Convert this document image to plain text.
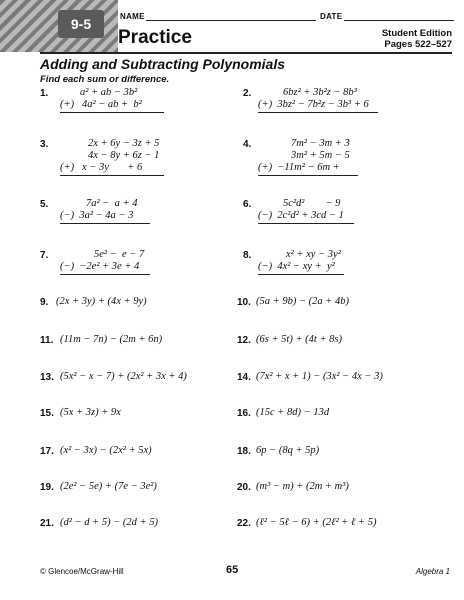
9-5	NAME	DATE
Practice	Student Edition
Pages 522–527
Adding and Subtracting Polynomials
Find each sum or difference.
1.	a² + ab − 3b²
(+)   4a² − ab +  b²
2.	6bz² + 3b²z − 8b³
(+)  3bz² − 7b²z − 3b³ + 6
3.	2x + 6y − 3z + 5
4x − 8y + 6z − 1
(+)   x − 3y       + 6
4.	7m² − 3m + 3
3m² + 5m − 5
(+)  −11m² − 6m +
5.	7a² −  a + 4
(−)  3a² − 4a − 3
6.	5c²d²        − 9
(−)  2c²d² + 3cd − 1
7.	5e² −  e − 7
(−)  −2e² + 3e + 4
8.	x² + xy − 3y²
(−)  4x² − xy +  y²
9. (2x + 3y) + (4x + 9y)	10. (5a + 9b) − (2a + 4b)
11. (11m − 7n) − (2m + 6n)	12. (6s + 5t) + (4t + 8s)
13. (5x² − x − 7) + (2x² + 3x + 4)	14. (7x² + x + 1) − (3x² − 4x − 3)
15. (5x + 3z) + 9x	16. (15c + 8d) − 13d
17. (x² − 3x) − (2x² + 5x)	18. 6p − (8q + 5p)
19. (2e² − 5e) + (7e − 3e²)	20. (m³ − m) + (2m + m³)
21. (d² − d + 5) − (2d + 5)	22. (ℓ² − 5ℓ − 6) + (2ℓ² + ℓ + 5)
© Glencoe/McGraw-Hill	65	Algebra 1
